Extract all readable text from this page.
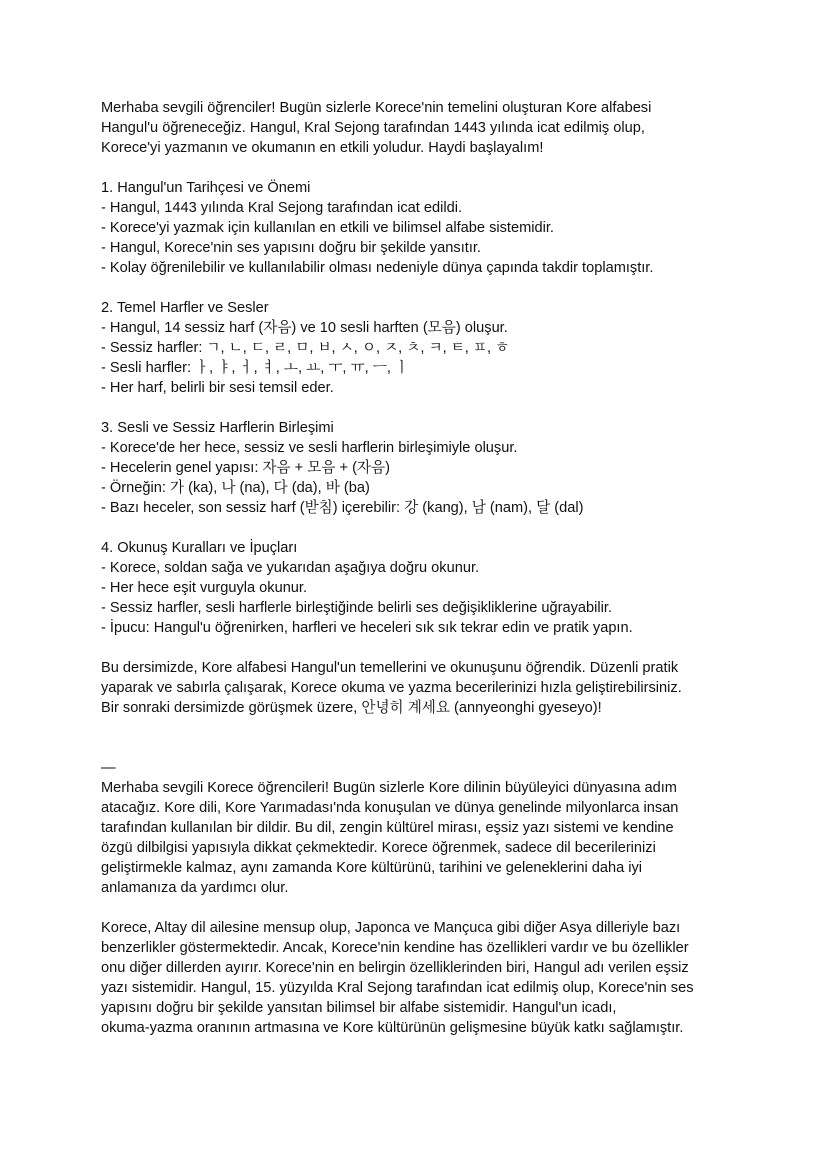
Merhaba sevgili öğrenciler! Bugün sizlerle Korece'nin temelini oluşturan Kore alfabesi
Hangul'u öğreneceğiz. Hangul, Kral Sejong tarafından 1443 yılında icat edilmiş olup,
Korece'yi yazmanın ve okumanın en etkili yoludur. Haydi başlayalım!
1. Hangul'un Tarihçesi ve Önemi
- Hangul, 1443 yılında Kral Sejong tarafından icat edildi.
- Korece'yi yazmak için kullanılan en etkili ve bilimsel alfabe sistemidir.
- Hangul, Korece'nin ses yapısını doğru bir şekilde yansıtır.
- Kolay öğrenilebilir ve kullanılabilir olması nedeniyle dünya çapında takdir toplamıştır.
2. Temel Harfler ve Sesler
- Hangul, 14 sessiz harf (자음) ve 10 sesli harften (모음) oluşur.
- Sessiz harfler: ㄱ, ㄴ, ㄷ, ㄹ, ㅁ, ㅂ, ㅅ, ㅇ, ㅈ, ㅊ, ㅋ, ㅌ, ㅍ, ㅎ
- Sesli harfler: ㅏ, ㅑ, ㅓ, ㅕ, ㅗ, ㅛ, ㅜ, ㅠ, ㅡ, ㅣ
- Her harf, belirli bir sesi temsil eder.
3. Sesli ve Sessiz Harflerin Birleşimi
- Korece'de her hece, sessiz ve sesli harflerin birleşimiyle oluşur.
- Hecelerin genel yapısı: 자음 + 모음 + (자음)
- Örneğin: 가 (ka), 나 (na), 다 (da), 바 (ba)
- Bazı heceler, son sessiz harf (받침) içerebilir: 강 (kang), 남 (nam), 달 (dal)
4. Okunuş Kuralları ve İpuçları
- Korece, soldan sağa ve yukarıdan aşağıya doğru okunur.
- Her hece eşit vurguyla okunur.
- Sessiz harfler, sesli harflerle birleştiğinde belirli ses değişikliklerine uğrayabilir.
- İpucu: Hangul'u öğrenirken, harfleri ve heceleri sık sık tekrar edin ve pratik yapın.
Bu dersimizde, Kore alfabesi Hangul'un temellerini ve okunuşunu öğrendik. Düzenli pratik
yaparak ve sabırla çalışarak, Korece okuma ve yazma becerilerinizi hızla geliştirebilirsiniz.
Bir sonraki dersimizde görüşmek üzere, 안녕히 계세요 (annyeonghi gyeseyo)!
—
Merhaba sevgili Korece öğrencileri! Bugün sizlerle Kore dilinin büyüleyici dünyasına adım
atacağız. Kore dili, Kore Yarımadası'nda konuşulan ve dünya genelinde milyonlarca insan
tarafından kullanılan bir dildir. Bu dil, zengin kültürel mirası, eşsiz yazı sistemi ve kendine
özgü dilbilgisi yapısıyla dikkat çekmektedir. Korece öğrenmek, sadece dil becerilerinizi
geliştirmekle kalmaz, aynı zamanda Kore kültürünü, tarihini ve geleneklerini daha iyi
anlamanıza da yardımcı olur.
Korece, Altay dil ailesine mensup olup, Japonca ve Mançuca gibi diğer Asya dilleriyle bazı
benzerlikler göstermektedir. Ancak, Korece'nin kendine has özellikleri vardır ve bu özellikler
onu diğer dillerden ayırır. Korece'nin en belirgin özelliklerinden biri, Hangul adı verilen eşsiz
yazı sistemidir. Hangul, 15. yüzyılda Kral Sejong tarafından icat edilmiş olup, Korece'nin ses
yapısını doğru bir şekilde yansıtan bilimsel bir alfabe sistemidir. Hangul'un icadı,
okuma-yazma oranının artmasına ve Kore kültürünün gelişmesine büyük katkı sağlamıştır.
